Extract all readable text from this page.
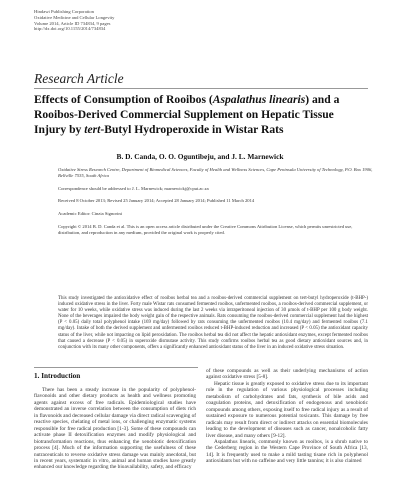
Hindawi Publishing Corporation
Oxidative Medicine and Cellular Longevity
Volume 2014, Article ID 734834, 9 pages
http://dx.doi.org/10.1155/2014/734834
Research Article
Effects of Consumption of Rooibos (Aspalathus linearis) and a Rooibos-Derived Commercial Supplement on Hepatic Tissue Injury by tert-Butyl Hydroperoxide in Wistar Rats
B. D. Canda, O. O. Oguntibeju, and J. L. Marnewick
Oxidative Stress Research Centre, Department of Biomedical Sciences, Faculty of Health and Wellness Sciences, Cape Peninsula University of Technology, P.O. Box 1906, Bellville 7535, South Africa
Correspondence should be addressed to J. L. Marnewick; marnewickj@cput.ac.za
Received 8 October 2013; Revised 25 January 2014; Accepted 28 January 2014; Published 11 March 2014
Academic Editor: Cinzia Signorini
Copyright © 2014 B. D. Canda et al. This is an open access article distributed under the Creative Commons Attribution License, which permits unrestricted use, distribution, and reproduction in any medium, provided the original work is properly cited.
This study investigated the antioxidative effect of rooibos herbal tea and a rooibos-derived commercial supplement on tert-butyl hydroperoxide (t-BHP-) induced oxidative stress in the liver. Forty male Wistar rats consumed fermented rooibos, unfermented rooibos, a rooibos-derived commercial supplement, or water for 10 weeks, while oxidative stress was induced during the last 2 weeks via intraperitoneal injection of 30 μmols of t-BHP per 100 g body weight. None of the beverages impaired the body weight gain of the respective animals. Rats consuming the rooibos-derived commercial supplement had the highest (P < 0.05) daily total polyphenol intake (169 mg/day) followed by rats consuming the unfermented rooibos (10.4 mg/day) and fermented rooibos (7.1 mg/day). Intake of both the derived supplement and unfermented rooibos reduced t-BHP-induced reduction and increased (P < 0.05) the antioxidant capacity status of the liver, while not impacting on lipid peroxidation. The rooibos herbal tea did not affect the hepatic antioxidant enzymes, except fermented rooibos that caused a decrease (P < 0.05) in superoxide dismutase activity. This study confirms rooibos herbal tea as good dietary antioxidant sources and, in conjunction with its many other components, offers a significantly enhanced antioxidant status of the liver in an induced oxidative stress situation.
1. Introduction
There has been a steady increase in the popularity of polyphenol-flavonoids and other dietary products as health and wellness promoting agents against excess of free radicals. Epidemiological studies have demonstrated an inverse correlation between the consumption of diets rich in flavonoids and decreased cellular damage via direct radical scavenging of reactive species, chelating of metal ions, or challenging enzymatic systems responsible for free radical production [1-3]. Some of these compounds can activate phase II detoxification enzymes and modify physiological and biotransformation reactions, thus enhancing the xenobiotic detoxification process [4]. Much of the information supporting the usefulness of these nutraceuticals to reverse oxidative stress damage was mainly anecdotal, but in recent years, systematic in vitro, animal and human studies have greatly enhanced our knowledge regarding the bioavailability, safety, and efficacy
of these compounds as well as their underlying mechanisms of action against oxidative stress [5-8].
Hepatic tissue is greatly exposed to oxidative stress due to its important role in the regulation of various physiological processes including metabolism of carbohydrates and fats, synthesis of bile acids and coagulation proteins, and detoxification of endogenous and xenobiotic compounds among others, exposing itself to free radical injury as a result of sustained exposure to numerous potential toxicants. This damage by free radicals may result from direct or indirect attacks on essential biomolecules leading to the development of diseases such as cancer, nonalcoholic fatty liver disease, and many others [9-12].
Aspalathus linearis, commonly known as rooibos, is a shrub native to the Cederberg region in the Western Cape Province of South Africa [13, 14]. It is frequently used to make a mild tasting tisane rich in polyphenol antioxidants but with no caffeine and very little tannins; it is also claimed
